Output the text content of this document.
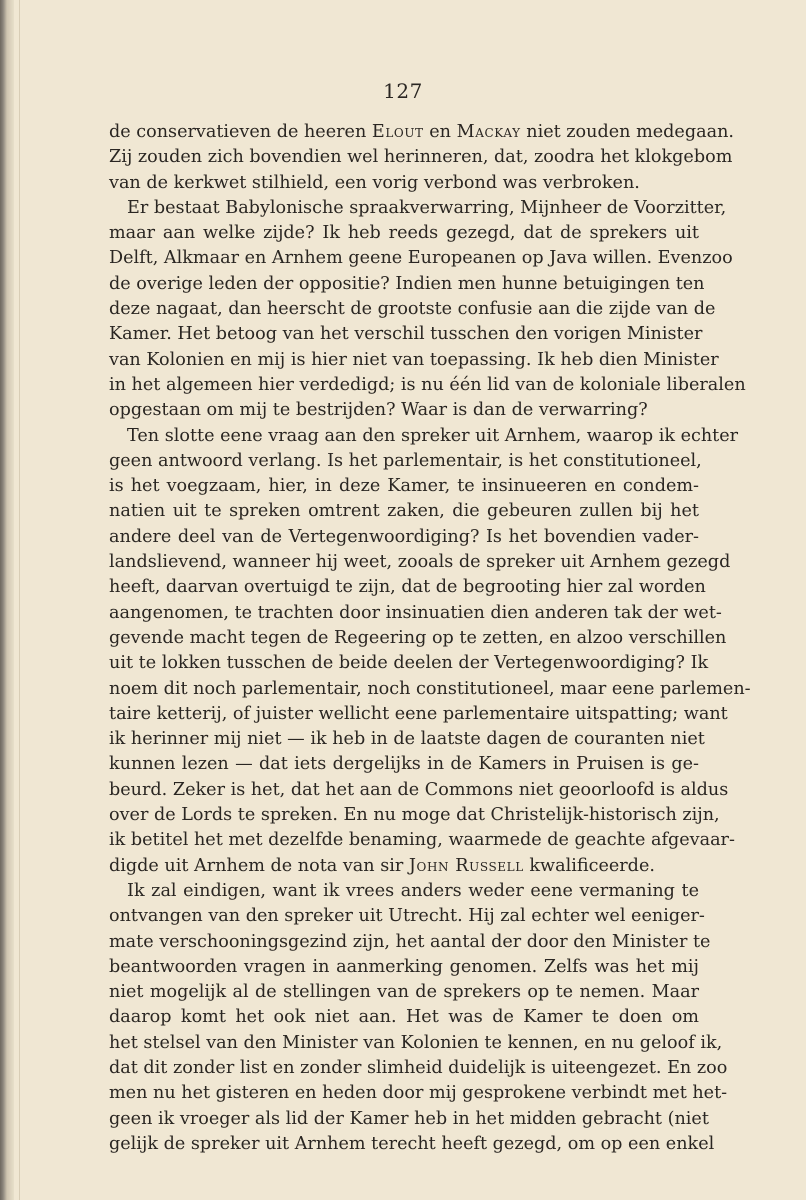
127
de conservatieven de heeren Elout en Mackay niet zouden medegaan.
Zij zouden zich bovendien wel herinneren, dat, zoodra het klokgebom
van de kerkwet stilhield, een vorig verbond was verbroken.
Er bestaat Babylonische spraakverwarring, Mijnheer de Voorzitter,
maar aan welke zijde? Ik heb reeds gezegd, dat de sprekers uit
Delft, Alkmaar en Arnhem geene Europeanen op Java willen. Evenzoo
de overige leden der oppositie? Indien men hunne betuigingen ten
deze nagaat, dan heerscht de grootste confusie aan die zijde van de
Kamer. Het betoog van het verschil tusschen den vorigen Minister
van Kolonien en mij is hier niet van toepassing. Ik heb dien Minister
in het algemeen hier verdedigd; is nu één lid van de koloniale liberalen
opgestaan om mij te bestrijden? Waar is dan de verwarring?
Ten slotte eene vraag aan den spreker uit Arnhem, waarop ik echter
geen antwoord verlang. Is het parlementair, is het constitutioneel,
is het voegzaam, hier, in deze Kamer, te insinueeren en condem-
natien uit te spreken omtrent zaken, die gebeuren zullen bij het
andere deel van de Vertegenwoordiging? Is het bovendien vader-
landslievend, wanneer hij weet, zooals de spreker uit Arnhem gezegd
heeft, daarvan overtuigd te zijn, dat de begrooting hier zal worden
aangenomen, te trachten door insinuatien dien anderen tak der wet-
gevende macht tegen de Regeering op te zetten, en alzoo verschillen
uit te lokken tusschen de beide deelen der Vertegenwoordiging? Ik
noem dit noch parlementair, noch constitutioneel, maar eene parlemen-
taire ketterij, of juister wellicht eene parlementaire uitspatting; want
ik herinner mij niet — ik heb in de laatste dagen de couranten niet
kunnen lezen — dat iets dergelijks in de Kamers in Pruisen is ge-
beurd. Zeker is het, dat het aan de Commons niet geoorloofd is aldus
over de Lords te spreken. En nu moge dat Christelijk-historisch zijn,
ik betitel het met dezelfde benaming, waarmede de geachte afgevaar-
digde uit Arnhem de nota van sir John Russell kwalificeerde.
Ik zal eindigen, want ik vrees anders weder eene vermaning te
ontvangen van den spreker uit Utrecht. Hij zal echter wel eeniger-
mate verschooningsgezind zijn, het aantal der door den Minister te
beantwoorden vragen in aanmerking genomen. Zelfs was het mij
niet mogelijk al de stellingen van de sprekers op te nemen. Maar
daarop komt het ook niet aan. Het was de Kamer te doen om
het stelsel van den Minister van Kolonien te kennen, en nu geloof ik,
dat dit zonder list en zonder slimheid duidelijk is uiteengezet. En zoo
men nu het gisteren en heden door mij gesprokene verbindt met het-
geen ik vroeger als lid der Kamer heb in het midden gebracht (niet
gelijk de spreker uit Arnhem terecht heeft gezegd, om op een enkel
